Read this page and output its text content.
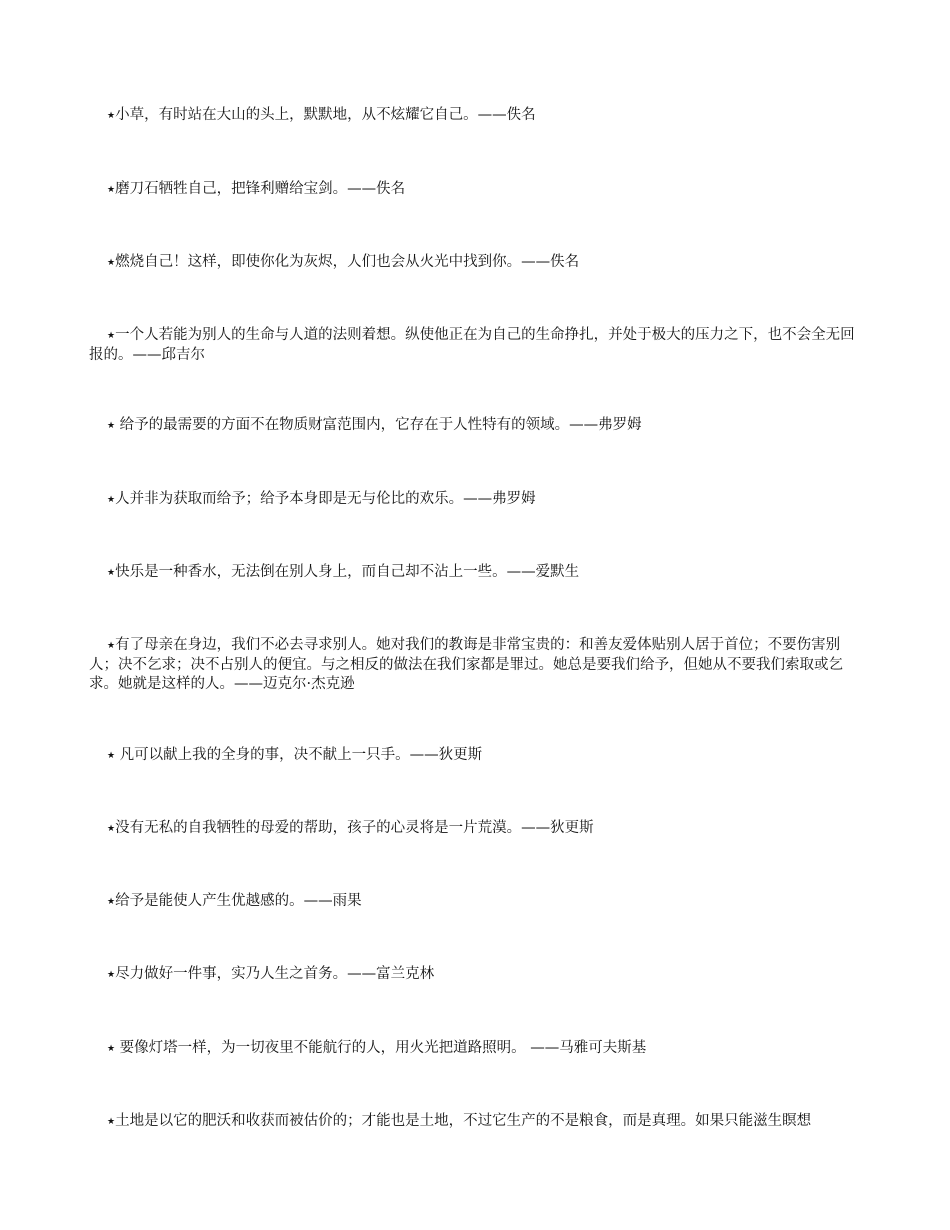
★小草，有时站在大山的头上，默默地，从不炫耀它自己。——佚名

★磨刀石牺牲自己，把锋利赠给宝剑。——佚名

★燃烧自己！这样，即使你化为灰烬，人们也会从火光中找到你。——佚名

★一个人若能为别人的生命与人道的法则着想。纵使他正在为自己的生命挣扎，并处于极大的压力之下，也不会全无回报的。——邱吉尔

★ 给予的最需要的方面不在物质财富范围内，它存在于人性特有的领域。——弗罗姆

★人并非为获取而给予；给予本身即是无与伦比的欢乐。——弗罗姆

★快乐是一种香水，无法倒在别人身上，而自己却不沾上一些。——爱默生

★有了母亲在身边，我们不必去寻求别人。她对我们的教诲是非常宝贵的：和善友爱体贴别人居于首位；不要伤害别人；决不乞求；决不占别人的便宜。与之相反的做法在我们家都是罪过。她总是要我们给予，但她从不要我们索取或乞求。她就是这样的人。——迈克尔·杰克逊

★ 凡可以献上我的全身的事，决不献上一只手。——狄更斯

★没有无私的自我牺牲的母爱的帮助，孩子的心灵将是一片荒漠。——狄更斯

★给予是能使人产生优越感的。——雨果

★尽力做好一件事，实乃人生之首务。——富兰克林

★ 要像灯塔一样，为一切夜里不能航行的人，用火光把道路照明。 ——马雅可夫斯基

★土地是以它的肥沃和收获而被估价的；才能也是土地，不过它生产的不是粮食，而是真理。如果只能滋生瞑想
